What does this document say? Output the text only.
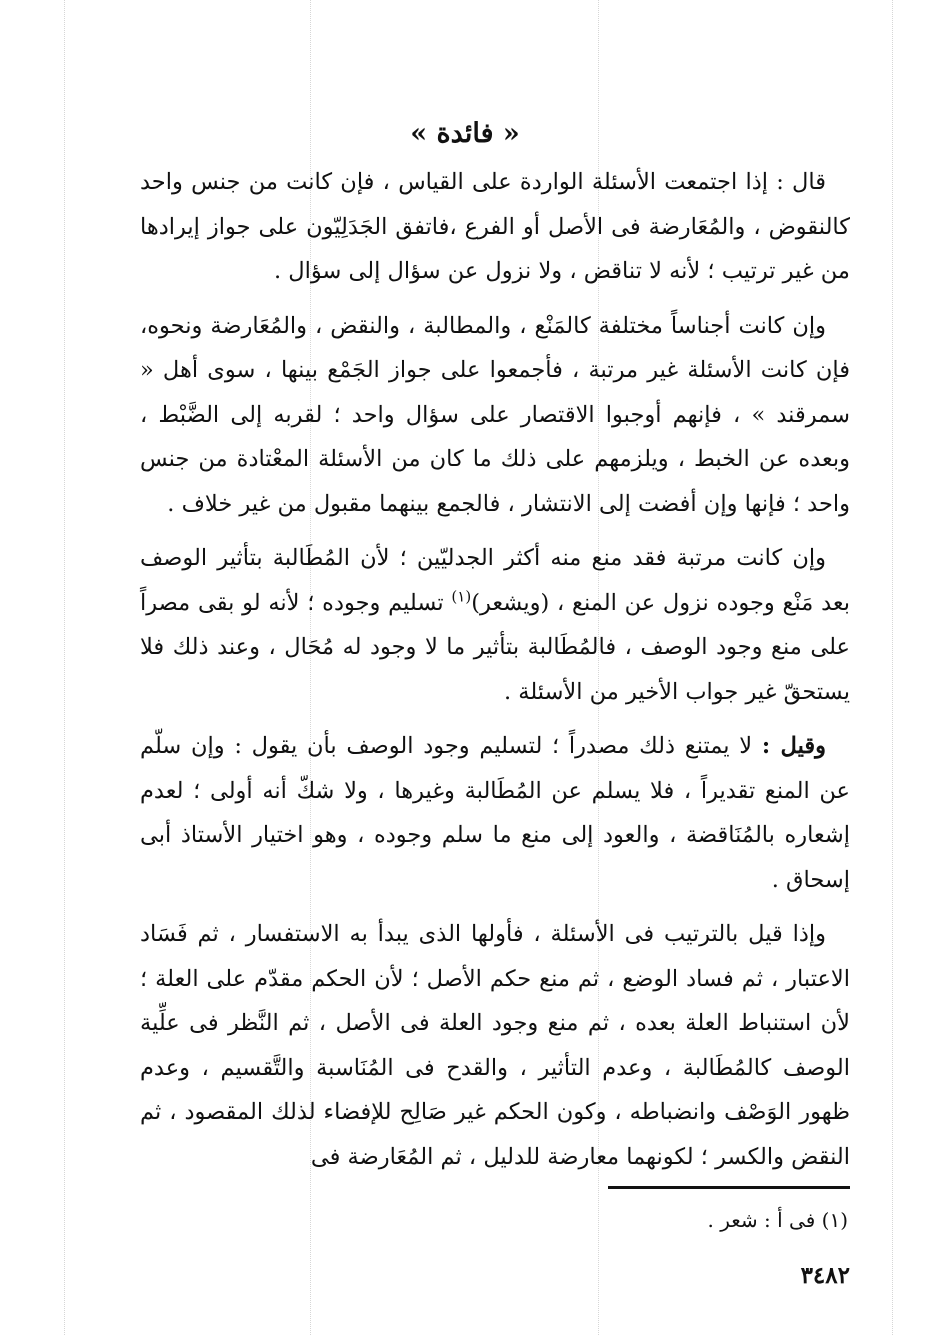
« فائدة »

قال : إذا اجتمعت الأسئلة الواردة على القياس ، فإن كانت من جنس واحد كالنقوض ، والمُعَارضة فى الأصل أو الفرع ،فاتفق الجَدَلِيّون على جواز إيرادها من غير ترتيب ؛ لأنه لا تناقض ، ولا نزول عن سؤال إلى سؤال .

وإن كانت أجناساً مختلفة كالمَنْع ، والمطالبة ، والنقض ، والمُعَارضة ونحوه، فإن كانت الأسئلة غير مرتبة ، فأجمعوا على جواز الجَمْع بينها ، سوى أهل « سمرقند » ، فإنهم أوجبوا الاقتصار على سؤال واحد ؛ لقربه إلى الضَّبْط ، وبعده عن الخبط ، ويلزمهم على ذلك ما كان من الأسئلة المعْتادة من جنس واحد ؛ فإنها وإن أفضت إلى الانتشار ، فالجمع بينهما مقبول من غير خلاف .

وإن كانت مرتبة فقد منع منه أكثر الجدليّين ؛ لأن المُطَالبة بتأثير الوصف بعد مَنْع وجوده نزول عن المنع ، (ويشعر)$^{(١)}$ تسليم وجوده ؛ لأنه لو بقى مصراً على منع وجود الوصف ، فالمُطَالبة بتأثير ما لا وجود له مُحَال ، وعند ذلك فلا يستحقّ غير جواب الأخير من الأسئلة .

وقيل : لا يمتنع ذلك مصدراً ؛ لتسليم وجود الوصف بأن يقول : وإن سلّم عن المنع تقديراً ، فلا يسلم عن المُطَالبة وغيرها ، ولا شكّ أنه أولى ؛ لعدم إشعاره بالمُنَاقضة ، والعود إلى منع ما سلم وجوده ، وهو اختيار الأستاذ أبى إسحاق .

وإذا قيل بالترتيب فى الأسئلة ، فأولها الذى يبدأ به الاستفسار ، ثم فَسَاد الاعتبار ، ثم فساد الوضع ، ثم منع حكم الأصل ؛ لأن الحكم مقدّم على العلة ؛ لأن استنباط العلة بعده ، ثم منع وجود العلة فى الأصل ، ثم النَّظر فى علِّية الوصف كالمُطَالبة ، وعدم التأثير ، والقدح فى المُنَاسبة والتَّقسيم ، وعدم ظهور الوَصْف وانضباطه ، وكون الحكم غير صَالِح للإفضاء لذلك المقصود ، ثم النقض والكسر ؛ لكونهما معارضة للدليل ، ثم المُعَارضة فى

(١) فى أ : شعر .
٣٤٨٢
